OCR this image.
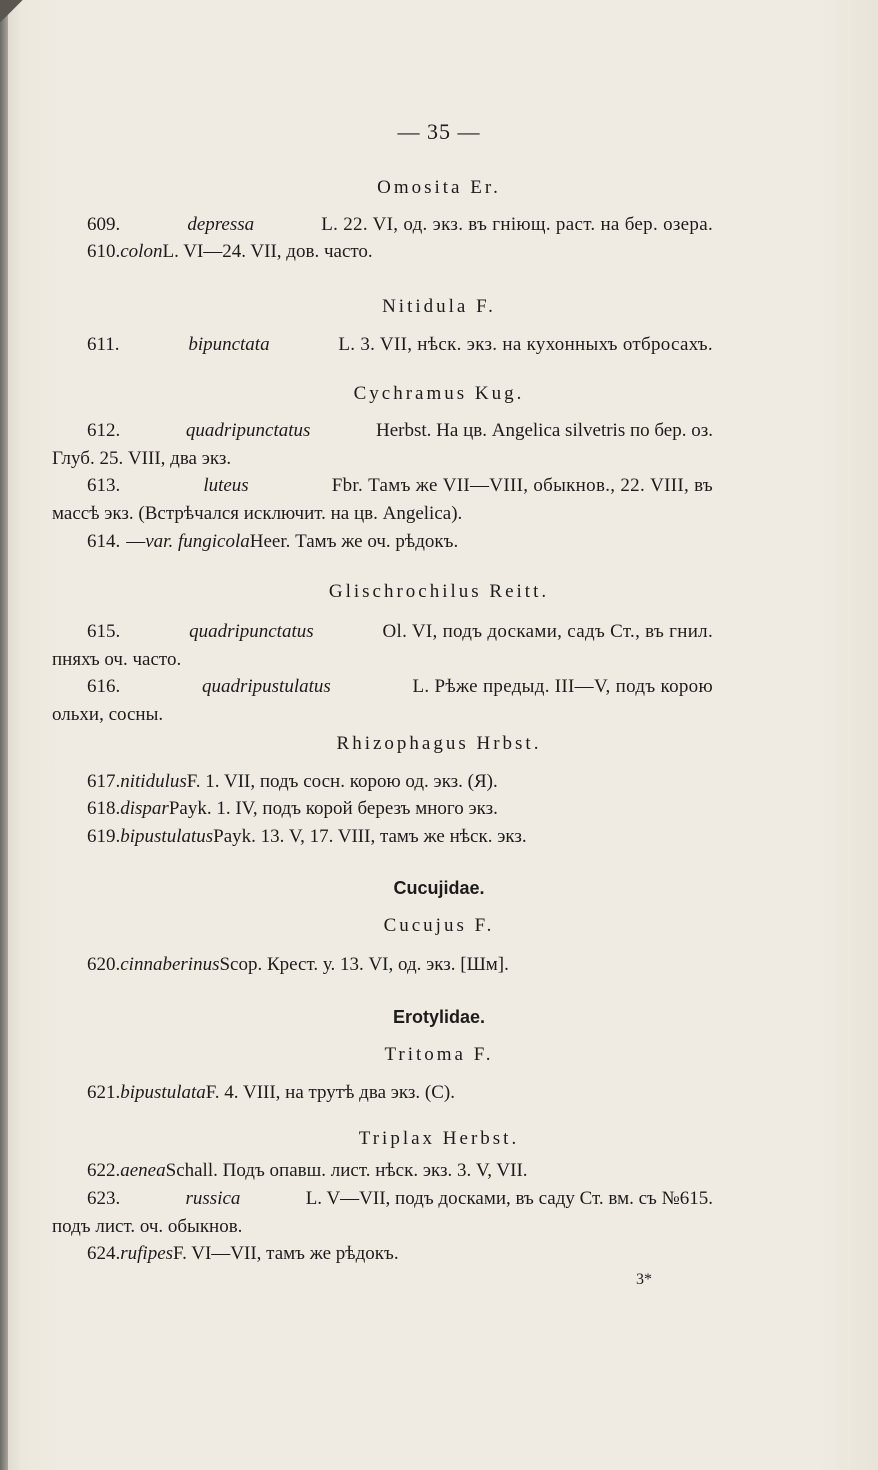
— 35 —
Omosita Er.
609.	depressa	L. 22. VI, од. экз. въ гніющ. раст. на бер. озера.
610. colon L. VI—24. VII, дов. часто.
Nitidula F.
611.	bipunctata	L. 3. VII, нѣск. экз. на кухонныхъ отбросахъ.
Cychramus Kug.
612.	quadripunctatus	Herbst. На цв. Angelica silvetris по бер. оз.
Глуб. 25. VIII, два экз.
613.	luteus	Fbr. Тамъ же VII—VIII, обыкнов., 22. VIII, въ
массѣ экз. (Встрѣчался исключит. на цв. Angelica).
614. — var. fungicola Heer. Тамъ же оч. рѣдокъ.
Glischrochilus Reitt.
615.	quadripunctatus	Ol. VI, подъ досками, садъ Ст., въ гнил.
пняхъ оч. часто.
616.	quadripustulatus	L. Рѣже предыд. III—V, подъ корою
ольхи, сосны.
Rhizophagus Hrbst.
617. nitidulus F. 1. VII, подъ сосн. корою од. экз. (Я).
618. dispar Payk. 1. IV, подъ корой березъ много экз.
619. bipustulatus Payk. 13. V, 17. VIII, тамъ же нѣск. экз.
Cucujidae.
Cucujus F.
620. cinnaberinus Scop. Крест. у. 13. VI, од. экз. [Шм].
Erotylidae.
Tritoma F.
621. bipustulata F. 4. VIII, на трутѣ два экз. (С).
Triplax Herbst.
622. aenea Schall. Подъ опавш. лист. нѣск. экз. 3. V, VII.
623.	russica	L. V—VII, подъ досками, въ саду Ст. вм. съ №615.
подъ лист. оч. обыкнов.
624. rufipes F. VI—VII, тамъ же рѣдокъ.
3*
